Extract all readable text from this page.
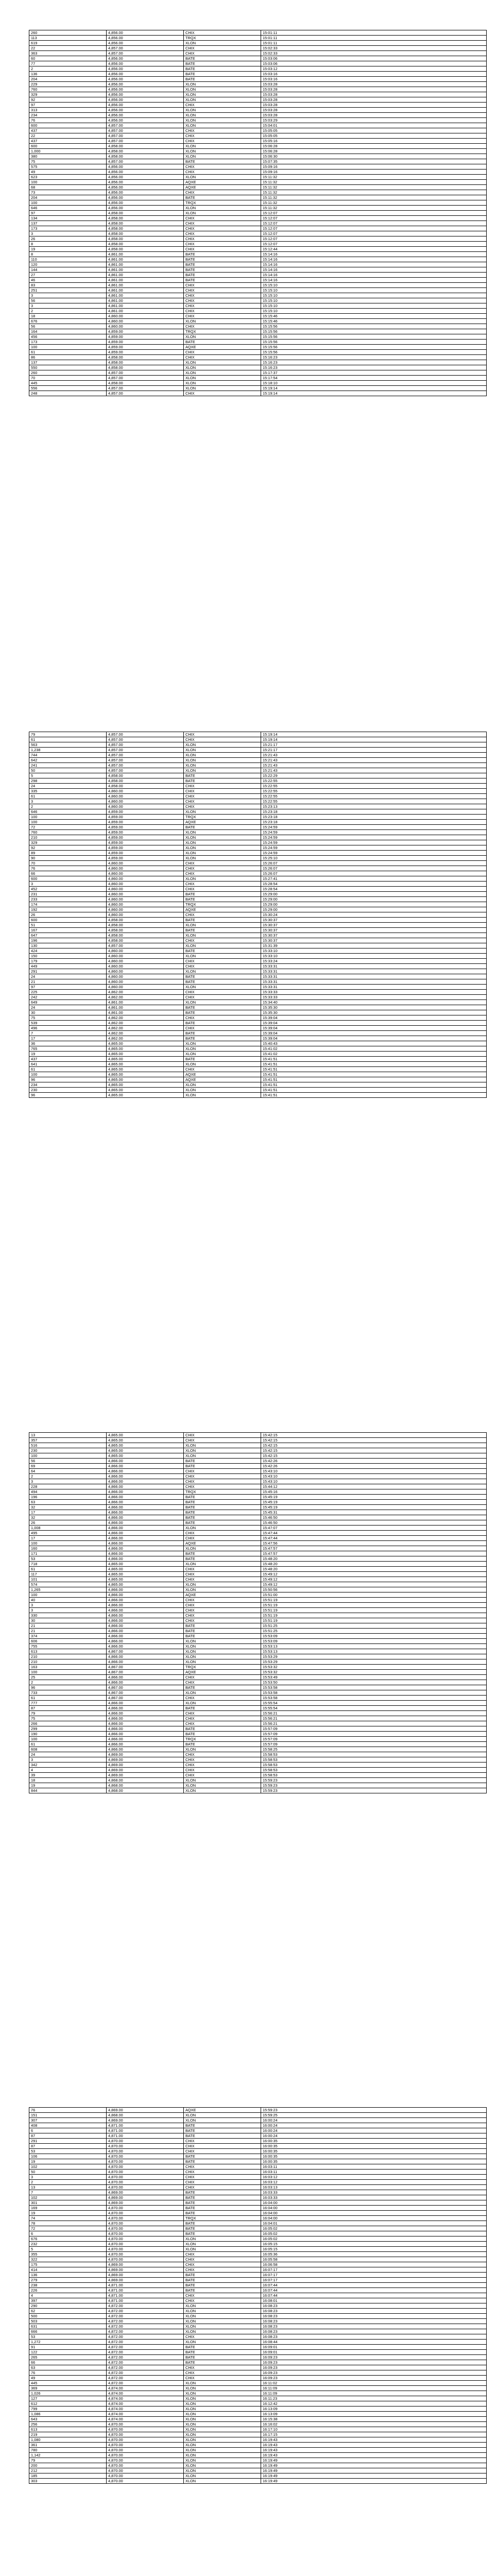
260	4,856.00	CHIX	15:01:11
113	4,856.00	TRQX	15:01:11
619	4,856.00	XLON	15:01:11
22	4,857.00	CHIX	15:02:33
363	4,857.00	CHIX	15:02:33
60	4,856.00	BATE	15:03:06
77	4,856.00	BATE	15:03:06
2	4,856.00	BATE	15:03:12
136	4,856.00	BATE	15:03:16
204	4,856.00	BATE	15:03:16
229	4,856.00	XLON	15:03:28
760	4,856.00	XLON	15:03:28
329	4,856.00	XLON	15:03:28
92	4,856.00	XLON	15:03:28
97	4,856.00	CHIX	15:03:28
313	4,856.00	XLON	15:03:28
234	4,856.00	XLON	15:03:28
76	4,856.00	XLON	15:03:29
600	4,857.00	XLON	15:04:01
437	4,857.00	CHIX	15:05:05
22	4,857.00	CHIX	15:05:05
437	4,857.00	CHIX	15:05:16
600	4,858.00	XLON	15:06:28
1,000	4,858.00	XLON	15:06:28
380	4,858.00	XLON	15:06:30
75	4,857.00	BATE	15:07:35
575	4,856.00	CHIX	15:09:16
49	4,856.00	CHIX	15:09:16
623	4,856.00	XLON	15:11:32
100	4,856.00	AQXE	15:11:32
68	4,856.00	AQXE	15:11:32
73	4,856.00	CHIX	15:11:32
204	4,856.00	BATE	15:11:32
100	4,856.00	TRQX	15:11:32
646	4,856.00	XLON	15:11:32
97	4,858.00	XLON	15:12:07
134	4,858.00	CHIX	15:12:07
137	4,858.00	CHIX	15:12:07
173	4,858.00	CHIX	15:12:07
3	4,858.00	CHIX	15:12:07
26	4,858.00	CHIX	15:12:07
8	4,858.00	CHIX	15:12:07
19	4,858.00	CHIX	15:12:44
8	4,861.00	BATE	15:14:16
110	4,861.00	BATE	15:14:16
120	4,861.00	BATE	15:14:16
144	4,861.00	BATE	15:14:16
27	4,861.00	BATE	15:14:16
46	4,861.00	BATE	15:14:16
83	4,861.00	CHIX	15:15:10
251	4,861.00	CHIX	15:15:10
3	4,861.00	CHIX	15:15:10
56	4,861.00	CHIX	15:15:10
3	4,861.00	CHIX	15:15:10
2	4,861.00	CHIX	15:15:10
18	4,860.00	CHIX	15:15:46
676	4,860.00	XLON	15:15:46
56	4,860.00	CHIX	15:15:56
164	4,859.00	TRQX	15:15:56
456	4,859.00	XLON	15:15:56
173	4,859.00	BATE	15:15:56
100	4,859.00	AQXE	15:15:56
61	4,859.00	CHIX	15:15:56
86	4,858.00	CHIX	15:16:23
137	4,858.00	XLON	15:16:23
550	4,858.00	XLON	15:16:23
260	4,857.00	XLON	15:17:37
70	4,857.00	XLON	15:17:54
445	4,858.00	XLON	15:18:10
556	4,857.00	XLON	15:19:14
248	4,857.00	CHIX	15:19:14
79	4,857.00	CHIX	15:19:14
61	4,857.00	CHIX	15:19:14
563	4,857.00	XLON	15:21:17
1,238	4,857.00	XLON	15:21:17
744	4,857.00	XLON	15:21:43
642	4,857.00	XLON	15:21:43
241	4,857.00	XLON	15:21:43
50	4,857.00	XLON	15:21:43
5	4,858.00	BATE	15:22:29
298	4,858.00	BATE	15:22:55
24	4,858.00	CHIX	15:22:55
335	4,860.00	CHIX	15:22:55
61	4,860.00	CHIX	15:22:55
3	4,860.00	CHIX	15:22:55
2	4,860.00	CHIX	15:23:13
646	4,859.00	XLON	15:23:18
100	4,859.00	TRQX	15:23:18
100	4,859.00	AQXE	15:23:18
72	4,859.00	BATE	15:24:59
760	4,859.00	XLON	15:24:59
210	4,859.00	XLON	15:24:59
329	4,859.00	XLON	15:24:59
92	4,859.00	XLON	15:24:59
89	4,859.00	XLON	15:24:59
90	4,859.00	XLON	15:25:10
70	4,860.00	CHIX	15:26:07
76	4,860.00	CHIX	15:26:07
66	4,860.00	CHIX	15:26:07
600	4,860.00	XLON	15:27:41
3	4,860.00	CHIX	15:28:54
452	4,860.00	CHIX	15:28:54
231	4,860.00	BATE	15:29:00
233	4,860.00	BATE	15:29:00
174	4,860.00	TRQX	15:29:00
192	4,860.00	AQXE	15:29:00
26	4,860.00	CHIX	15:30:24
600	4,858.00	BATE	15:30:37
51	4,858.00	XLON	15:30:37
167	4,858.00	BATE	15:30:37
647	4,858.00	XLON	15:30:37
196	4,858.00	CHIX	15:30:37
130	4,857.00	XLON	15:31:39
424	4,860.00	BATE	15:33:10
150	4,860.00	XLON	15:33:10
179	4,860.00	CHIX	15:33:24
449	4,860.00	CHIX	15:33:31
291	4,860.00	XLON	15:33:31
24	4,860.00	BATE	15:33:31
21	4,860.00	BATE	15:33:31
97	4,860.00	XLON	15:33:31
225	4,862.00	CHIX	15:33:33
242	4,862.00	CHIX	15:33:33
649	4,861.00	XLON	15:34:40
24	4,861.00	BATE	15:35:30
30	4,861.00	BATE	15:35:30
75	4,862.00	CHIX	15:39:04
539	4,862.00	BATE	15:39:04
496	4,862.00	CHIX	15:39:04
7	4,862.00	BATE	15:39:04
17	4,862.00	BATE	15:39:04
36	4,865.00	XLON	15:40:43
765	4,865.00	XLON	15:41:02
19	4,865.00	XLON	15:41:02
437	4,865.00	BATE	15:41:51
641	4,865.00	XLON	15:41:51
61	4,865.00	CHIX	15:41:51
100	4,865.00	AQXE	15:41:51
96	4,865.00	AQXE	15:41:51
234	4,865.00	XLON	15:41:51
230	4,865.00	XLON	15:41:51
96	4,865.00	XLON	15:41:51
13	4,865.00	CHIX	15:42:15
357	4,865.00	CHIX	15:42:15
516	4,865.00	XLON	15:42:15
230	4,865.00	XLON	15:42:15
100	4,865.00	XLON	15:42:15
56	4,866.00	BATE	15:42:26
69	4,866.00	BATE	15:42:26
64	4,866.00	CHIX	15:43:10
2	4,866.00	CHIX	15:43:10
3	4,866.00	CHIX	15:43:10
228	4,866.00	CHIX	15:44:12
494	4,866.00	TRQX	15:45:16
196	4,866.00	BATE	15:45:19
63	4,866.00	BATE	15:45:19
32	4,866.00	BATE	15:45:19
17	4,866.00	BATE	15:45:31
32	4,866.00	BATE	15:46:50
26	4,866.00	BATE	15:46:50
1,008	4,866.00	XLON	15:47:07
495	4,866.00	CHIX	15:47:44
17	4,866.00	CHIX	15:47:44
100	4,866.00	AQXE	15:47:56
160	4,866.00	XLON	15:47:57
171	4,866.00	BATE	15:47:57
53	4,866.00	BATE	15:48:20
718	4,865.00	XLON	15:48:20
61	4,865.00	CHIX	15:48:20
117	4,865.00	CHIX	15:49:12
101	4,865.00	CHIX	15:49:12
574	4,865.00	XLON	15:49:12
1,265	4,866.00	XLON	15:50:56
100	4,866.00	AQXE	15:51:00
40	4,866.00	CHIX	15:51:19
3	4,866.00	CHIX	15:51:19
3	4,866.00	CHIX	15:51:19
330	4,866.00	CHIX	15:51:19
30	4,866.00	CHIX	15:51:19
21	4,866.00	BATE	15:51:25
21	4,866.00	BATE	15:51:25
374	4,866.00	BATE	15:53:09
606	4,866.00	XLON	15:53:09
755	4,866.00	XLON	15:53:13
613	4,867.00	XLON	15:53:13
210	4,866.00	XLON	15:53:29
210	4,866.00	XLON	15:53:29
163	4,867.00	TRQX	15:53:32
100	4,867.00	AQXE	15:53:32
25	4,866.00	CHIX	15:53:49
2	4,866.00	CHIX	15:53:50
96	4,867.00	BATE	15:53:58
733	4,867.00	XLON	15:53:58
61	4,867.00	CHIX	15:53:58
777	4,866.00	XLON	15:55:54
87	4,866.00	BATE	15:55:54
79	4,866.00	CHIX	15:56:21
75	4,866.00	CHIX	15:56:21
266	4,866.00	CHIX	15:56:21
299	4,866.00	BATE	15:57:09
190	4,866.00	BATE	15:57:09
100	4,866.00	TRQX	15:57:09
61	4,866.00	BATE	15:57:09
608	4,866.00	XLON	15:58:25
24	4,869.00	CHIX	15:58:53
3	4,869.00	CHIX	15:58:53
342	4,869.00	CHIX	15:58:53
4	4,869.00	CHIX	15:58:53
39	4,869.00	CHIX	15:58:53
18	4,868.00	XLON	15:59:23
19	4,868.00	XLON	15:59:23
844	4,868.00	XLON	15:59:23
76	4,869.00	AQXE	15:59:23
151	4,868.00	XLON	15:59:25
307	4,869.00	XLON	16:00:24
408	4,871.00	BATE	16:00:24
6	4,871.00	BATE	16:00:24
87	4,871.00	BATE	16:00:24
291	4,870.00	CHIX	16:00:35
87	4,870.00	CHIX	16:00:35
53	4,870.00	CHIX	16:00:35
106	4,870.00	BATE	16:00:35
19	4,870.00	BATE	16:00:35
102	4,870.00	CHIX	16:03:11
50	4,870.00	CHIX	16:03:11
3	4,870.00	CHIX	16:03:12
2	4,870.00	CHIX	16:03:12
13	4,870.00	CHIX	16:03:13
7	4,869.00	BATE	16:03:33
102	4,869.00	BATE	16:03:33
301	4,869.00	BATE	16:04:00
169	4,870.00	BATE	16:04:00
19	4,870.00	BATE	16:04:00
74	4,870.00	TRQX	16:04:00
78	4,870.00	BATE	16:04:01
72	4,870.00	BATE	16:05:02
6	4,870.00	BATE	16:05:02
676	4,870.00	XLON	16:05:02
232	4,870.00	XLON	16:05:15
5	4,870.00	XLON	16:05:15
355	4,870.00	CHIX	16:05:36
322	4,870.00	CHIX	16:05:58
175	4,869.00	CHIX	16:06:58
414	4,869.00	CHIX	16:07:17
136	4,869.00	BATE	16:07:17
279	4,869.00	BATE	16:07:17
238	4,871.00	BATE	16:07:44
226	4,871.00	BATE	16:07:44
4	4,871.00	CHIX	16:07:44
397	4,871.00	CHIX	16:08:01
290	4,872.00	XLON	16:08:23
62	4,872.00	XLON	16:08:23
500	4,872.00	XLON	16:08:23
503	4,872.00	XLON	16:08:23
631	4,872.00	XLON	16:08:23
666	4,872.00	XLON	16:08:23
53	4,872.00	CHIX	16:08:23
1,272	4,872.00	XLON	16:08:44
91	4,872.00	BATE	16:09:01
122	4,872.00	BATE	16:09:01
265	4,872.00	BATE	16:09:23
66	4,872.00	BATE	16:09:23
63	4,872.00	CHIX	16:09:23
76	4,872.00	CHIX	16:09:23
49	4,872.00	CHIX	16:09:23
445	4,872.00	XLON	16:11:02
369	4,874.00	XLON	16:11:09
1,026	4,874.00	XLON	16:11:09
127	4,874.00	XLON	16:11:23
612	4,874.00	XLON	16:12:42
799	4,874.00	XLON	16:13:09
1,086	4,874.00	XLON	16:13:09
643	4,874.00	XLON	16:15:38
256	4,870.00	XLON	16:16:02
613	4,870.00	XLON	16:17:10
219	4,870.00	XLON	16:17:15
1,080	4,870.00	XLON	16:19:43
361	4,870.00	XLON	16:19:43
780	4,870.00	XLON	16:19:43
1,142	4,870.00	XLON	16:19:43
79	4,870.00	XLON	16:19:49
200	4,870.00	XLON	16:19:49
212	4,870.00	XLON	16:19:49
185	4,870.00	XLON	16:19:49
303	4,870.00	XLON	16:19:49
